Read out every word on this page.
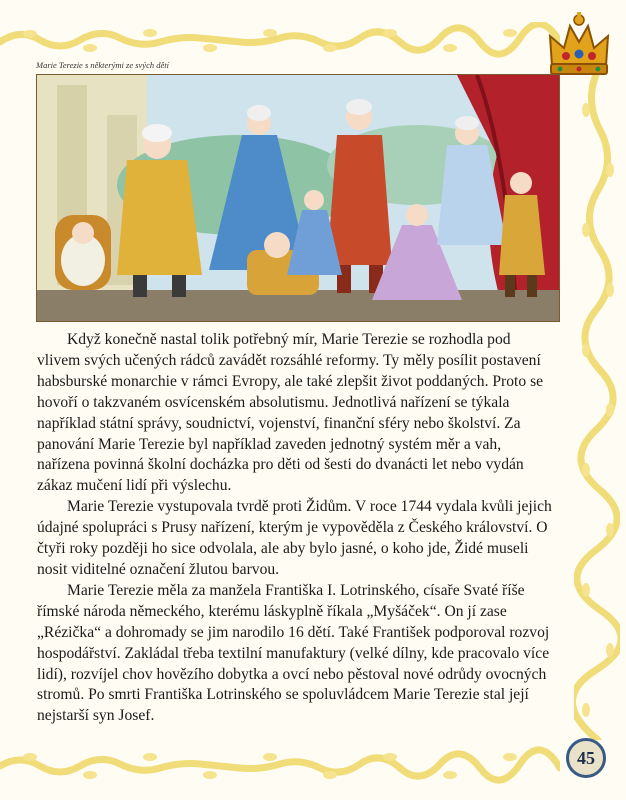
Marie Terezie s některými ze svých dětí

Když konečně nastal tolik potřebný mír, Marie Terezie se rozhodla pod vlivem svých učených rádců zavádět rozsáhlé reformy. Ty měly posílit postavení habsburské monarchie v rámci Evropy, ale také zlepšit život poddaných. Proto se hovoří o takzvaném osvícenském absolutismu. Jednotlivá nařízení se týkala například státní správy, soudnictví, vojenství, finanční sféry nebo školství. Za panování Marie Terezie byl například zaveden jednotný systém měr a vah, nařízena povinná školní docházka pro děti od šesti do dvanácti let nebo vydán zákaz mučení lidí při výslechu.

Marie Terezie vystupovala tvrdě proti Židům. V roce 1744 vydala kvůli jejich údajné spolupráci s Prusy nařízení, kterým je vypověděla z Českého království. O čtyři roky později ho sice odvolala, ale aby bylo jasné, o koho jde, Židé museli nosit viditelné označení žlutou barvou.

Marie Terezie měla za manžela Františka I. Lotrinského, císaře Svaté říše římské národa německého, kterému láskyplně říkala „Myšáček“. On jí zase „Rézička“ a dohromady se jim narodilo 16 dětí. Také František podporoval rozvoj hospodářství. Zakládal třeba textilní manufaktury (velké dílny, kde pracovalo více lidí), rozvíjel chov hovězího dobytka a ovcí nebo pěstoval nové odrůdy ovocných stromů. Po smrti Františka Lotrinského se spoluvládcem Marie Terezie stal její nejstarší syn Josef.

45
